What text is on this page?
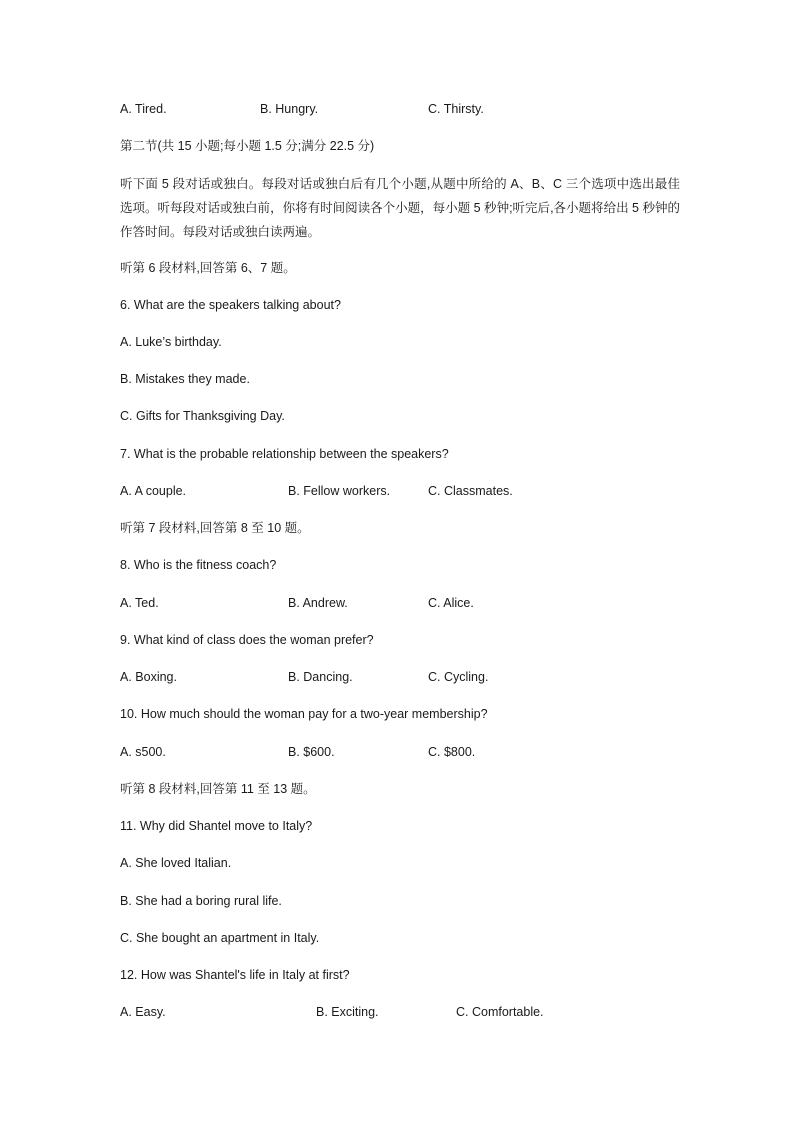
A. Tired.	B. Hungry.	C. Thirsty.
第二节(共 15 小题;每小题 1.5 分;满分 22.5 分)
听下面 5 段对话或独白。每段对话或独白后有几个小题,从题中所给的 A、B、C 三个选项中选出最佳选项。听每段对话或独白前，你将有时间阅读各个小题，每小题 5 秒钟;听完后,各小题将给出 5 秒钟的作答时间。每段对话或独白读两遍。
听第 6 段材料,回答第 6、7 题。
6. What are the speakers talking about?
A. Luke’s birthday.
B. Mistakes they made.
C. Gifts for Thanksgiving Day.
7. What is the probable relationship between the speakers?
A. A couple.	B. Fellow workers.	C. Classmates.
听第 7 段材料,回答第 8 至 10 题。
8. Who is the fitness coach?
A. Ted.	B. Andrew.	C. Alice.
9. What kind of class does the woman prefer?
A. Boxing.	B. Dancing.	C. Cycling.
10. How much should the woman pay for a two-year membership?
A. s500.	B. $600.	C. $800.
听第 8 段材料,回答第 11 至 13 题。
11. Why did Shantel move to Italy?
A. She loved Italian.
B. She had a boring rural life.
C. She bought an apartment in Italy.
12. How was Shantel's life in Italy at first?
A. Easy.	B. Exciting.	C. Comfortable.
